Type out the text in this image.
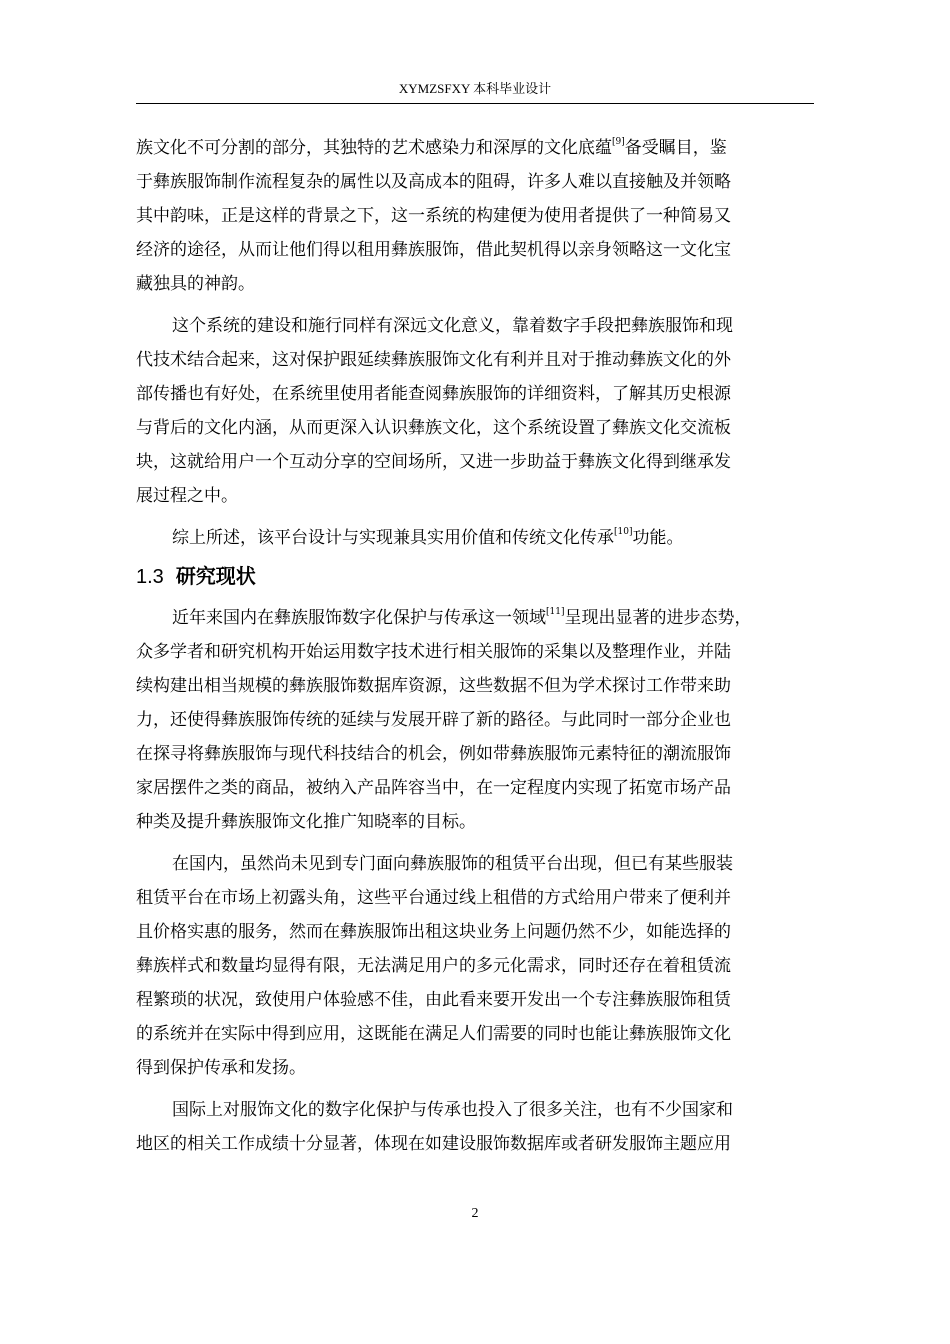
XYMZSFXY 本科毕业设计
族文化不可分割的部分，其独特的艺术感染力和深厚的文化底蕴[9]备受瞩目，鉴
于彝族服饰制作流程复杂的属性以及高成本的阻碍，许多人难以直接触及并领略
其中韵味，正是这样的背景之下，这一系统的构建便为使用者提供了一种简易又
经济的途径，从而让他们得以租用彝族服饰，借此契机得以亲身领略这一文化宝
藏独具的神韵。
这个系统的建设和施行同样有深远文化意义，靠着数字手段把彝族服饰和现
代技术结合起来，这对保护跟延续彝族服饰文化有利并且对于推动彝族文化的外
部传播也有好处，在系统里使用者能查阅彝族服饰的详细资料，了解其历史根源
与背后的文化内涵，从而更深入认识彝族文化，这个系统设置了彝族文化交流板
块，这就给用户一个互动分享的空间场所，又进一步助益于彝族文化得到继承发
展过程之中。
综上所述，该平台设计与实现兼具实用价值和传统文化传承[10]功能。
1.3 研究现状
近年来国内在彝族服饰数字化保护与传承这一领域[11]呈现出显著的进步态势，
众多学者和研究机构开始运用数字技术进行相关服饰的采集以及整理作业，并陆
续构建出相当规模的彝族服饰数据库资源，这些数据不但为学术探讨工作带来助
力，还使得彝族服饰传统的延续与发展开辟了新的路径。与此同时一部分企业也
在探寻将彝族服饰与现代科技结合的机会，例如带彝族服饰元素特征的潮流服饰
家居摆件之类的商品，被纳入产品阵容当中，在一定程度内实现了拓宽市场产品
种类及提升彝族服饰文化推广知晓率的目标。
在国内，虽然尚未见到专门面向彝族服饰的租赁平台出现，但已有某些服装
租赁平台在市场上初露头角，这些平台通过线上租借的方式给用户带来了便利并
且价格实惠的服务，然而在彝族服饰出租这块业务上问题仍然不少，如能选择的
彝族样式和数量均显得有限，无法满足用户的多元化需求，同时还存在着租赁流
程繁琐的状况，致使用户体验感不佳，由此看来要开发出一个专注彝族服饰租赁
的系统并在实际中得到应用，这既能在满足人们需要的同时也能让彝族服饰文化
得到保护传承和发扬。
国际上对服饰文化的数字化保护与传承也投入了很多关注，也有不少国家和
地区的相关工作成绩十分显著，体现在如建设服饰数据库或者研发服饰主题应用
2
